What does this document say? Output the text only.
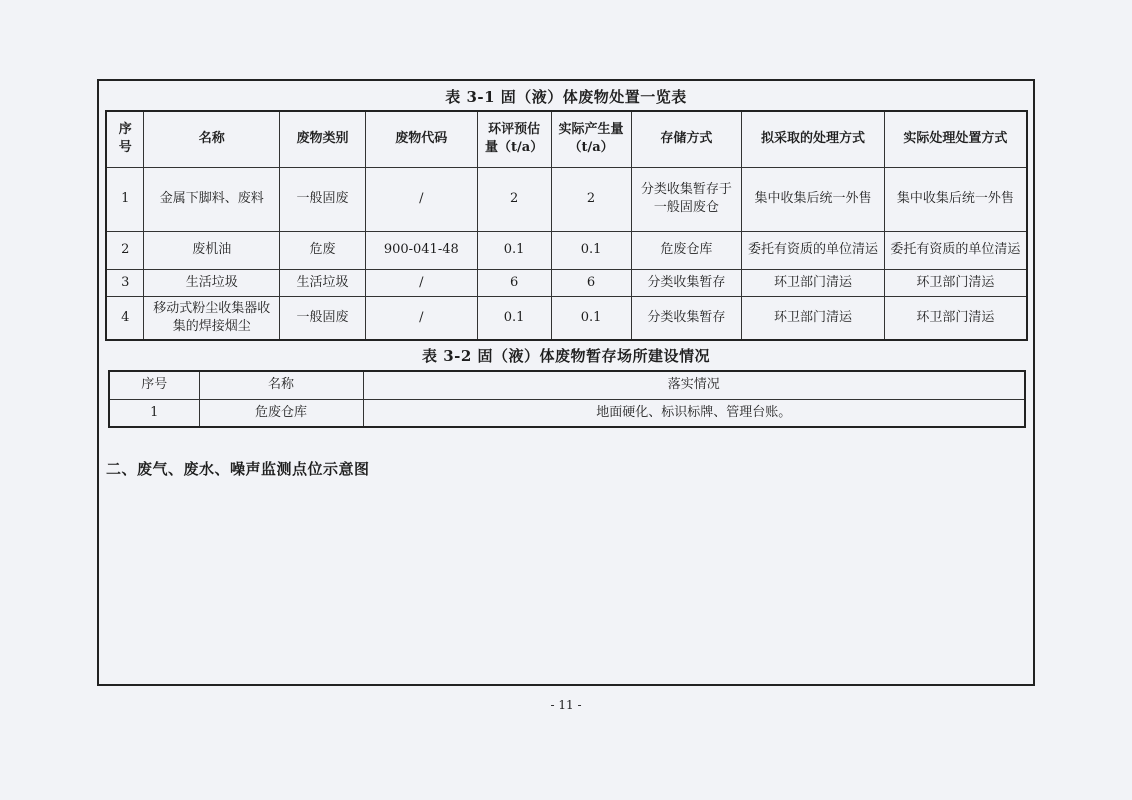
表 3-1 固（液）体废物处置一览表
序号	名称	废物类别	废物代码	环评预估量（t/a）	实际产生量（t/a）	存储方式	拟采取的处理方式	实际处理处置方式
1	金属下脚料、废料	一般固废	/	2	2	分类收集暂存于一般固废仓	集中收集后统一外售	集中收集后统一外售
2	废机油	危废	900-041-48	0.1	0.1	危废仓库	委托有资质的单位清运	委托有资质的单位清运
3	生活垃圾	生活垃圾	/	6	6	分类收集暂存	环卫部门清运	环卫部门清运
4	移动式粉尘收集器收集的焊接烟尘	一般固废	/	0.1	0.1	分类收集暂存	环卫部门清运	环卫部门清运
表 3-2 固（液）体废物暂存场所建设情况
序号	名称	落实情况
1	危废仓库	地面硬化、标识标牌、管理台账。
二、废气、废水、噪声监测点位示意图
- 11 -
